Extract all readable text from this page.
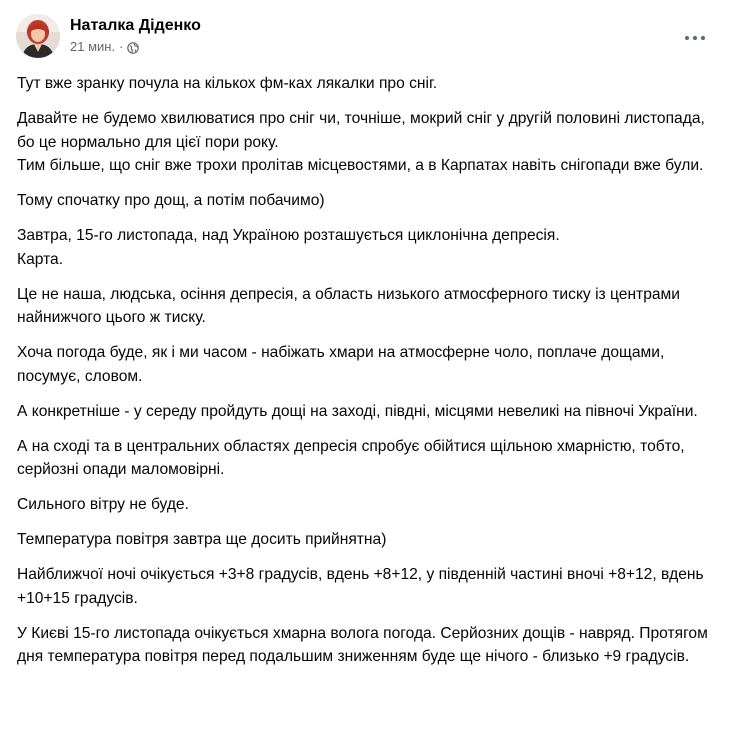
Наталка Діденко
21 мин. ·

Тут вже зранку почула на кількох фм-ках лякалки про сніг.

Давайте не будемо хвилюватися про сніг чи, точніше, мокрий сніг у другій половині листопада, бо це нормально для цієї пори року.
Тим більше, що сніг вже трохи пролітав місцевостями, а в Карпатах навіть снігопади вже були.

Тому спочатку про дощ, а потім побачимо)

Завтра, 15-го листопада, над Україною розташується циклонічна депресія.
Карта.

Це не наша, людська, осіння депресія, а область низького атмосферного тиску із центрами найнижчого цього ж тиску.

Хоча погода буде, як і ми часом - набіжать хмари на атмосферне чоло, поплаче дощами, посумує, словом.

А конкретніше - у середу пройдуть дощі на заході, півдні, місцями невеликі на півночі України.

А на сході та в центральних областях депресія спробує обійтися щільною хмарністю, тобто, серйозні опади маломовірні.

Сильного вітру не буде.

Температура повітря завтра ще досить прийнятна)

Найближчої ночі очікується +3+8 градусів, вдень +8+12, у південній частині вночі +8+12, вдень +10+15 градусів.

У Києві 15-го листопада очікується хмарна волога погода. Серйозних дощів - навряд. Протягом дня температура повітря перед подальшим зниженням буде ще нічого - близько +9 градусів.
